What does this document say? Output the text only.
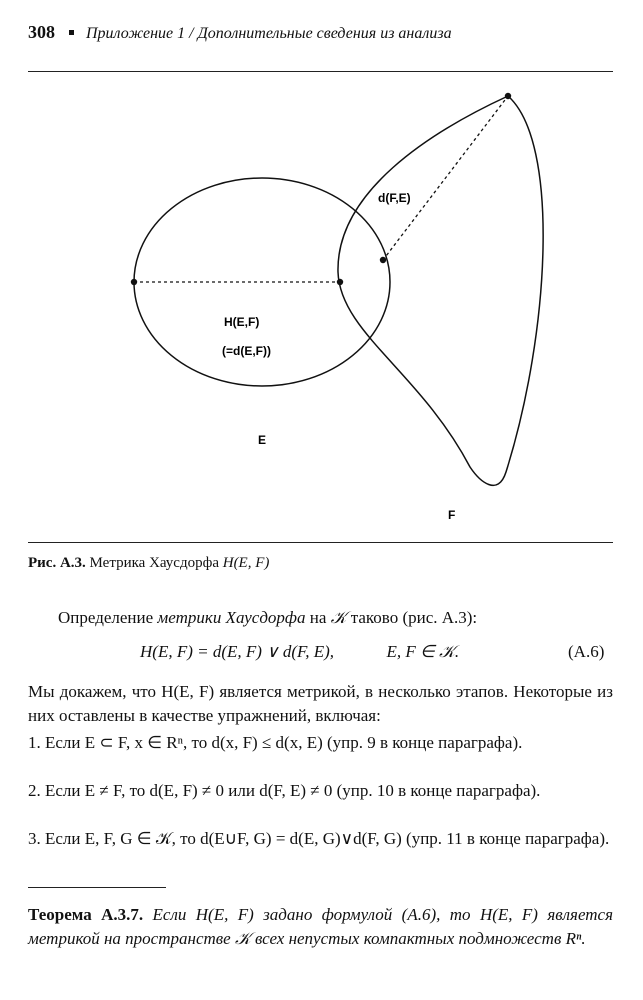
308 Приложение 1 / Дополнительные сведения из анализа
d(F,E)
H(E,F)
(=d(E,F))
E
F
Рис. А.3. Метрика Хаусдорфа H(E, F)
Определение метрики Хаусдорфа на 𝒦 таково (рис. А.3):
H(E, F) = d(E, F) ∨ d(F, E),	E, F ∈ 𝒦.	(A.6)
Мы докажем, что H(E, F) является метрикой, в несколько этапов. Некоторые из них оставлены в качестве упражнений, включая:
1. Если E ⊂ F, x ∈ Rⁿ, то d(x, F) ≤ d(x, E) (упр. 9 в конце параграфа).
2. Если E ≠ F, то d(E, F) ≠ 0 или d(F, E) ≠ 0 (упр. 10 в конце параграфа).
3. Если E, F, G ∈ 𝒦, то d(E∪F, G) = d(E, G)∨d(F, G) (упр. 11 в конце параграфа).
Теорема А.3.7. Если H(E, F) задано формулой (A.6), то H(E, F) является метрикой на пространстве 𝒦 всех непустых компактных подмножеств Rⁿ.
